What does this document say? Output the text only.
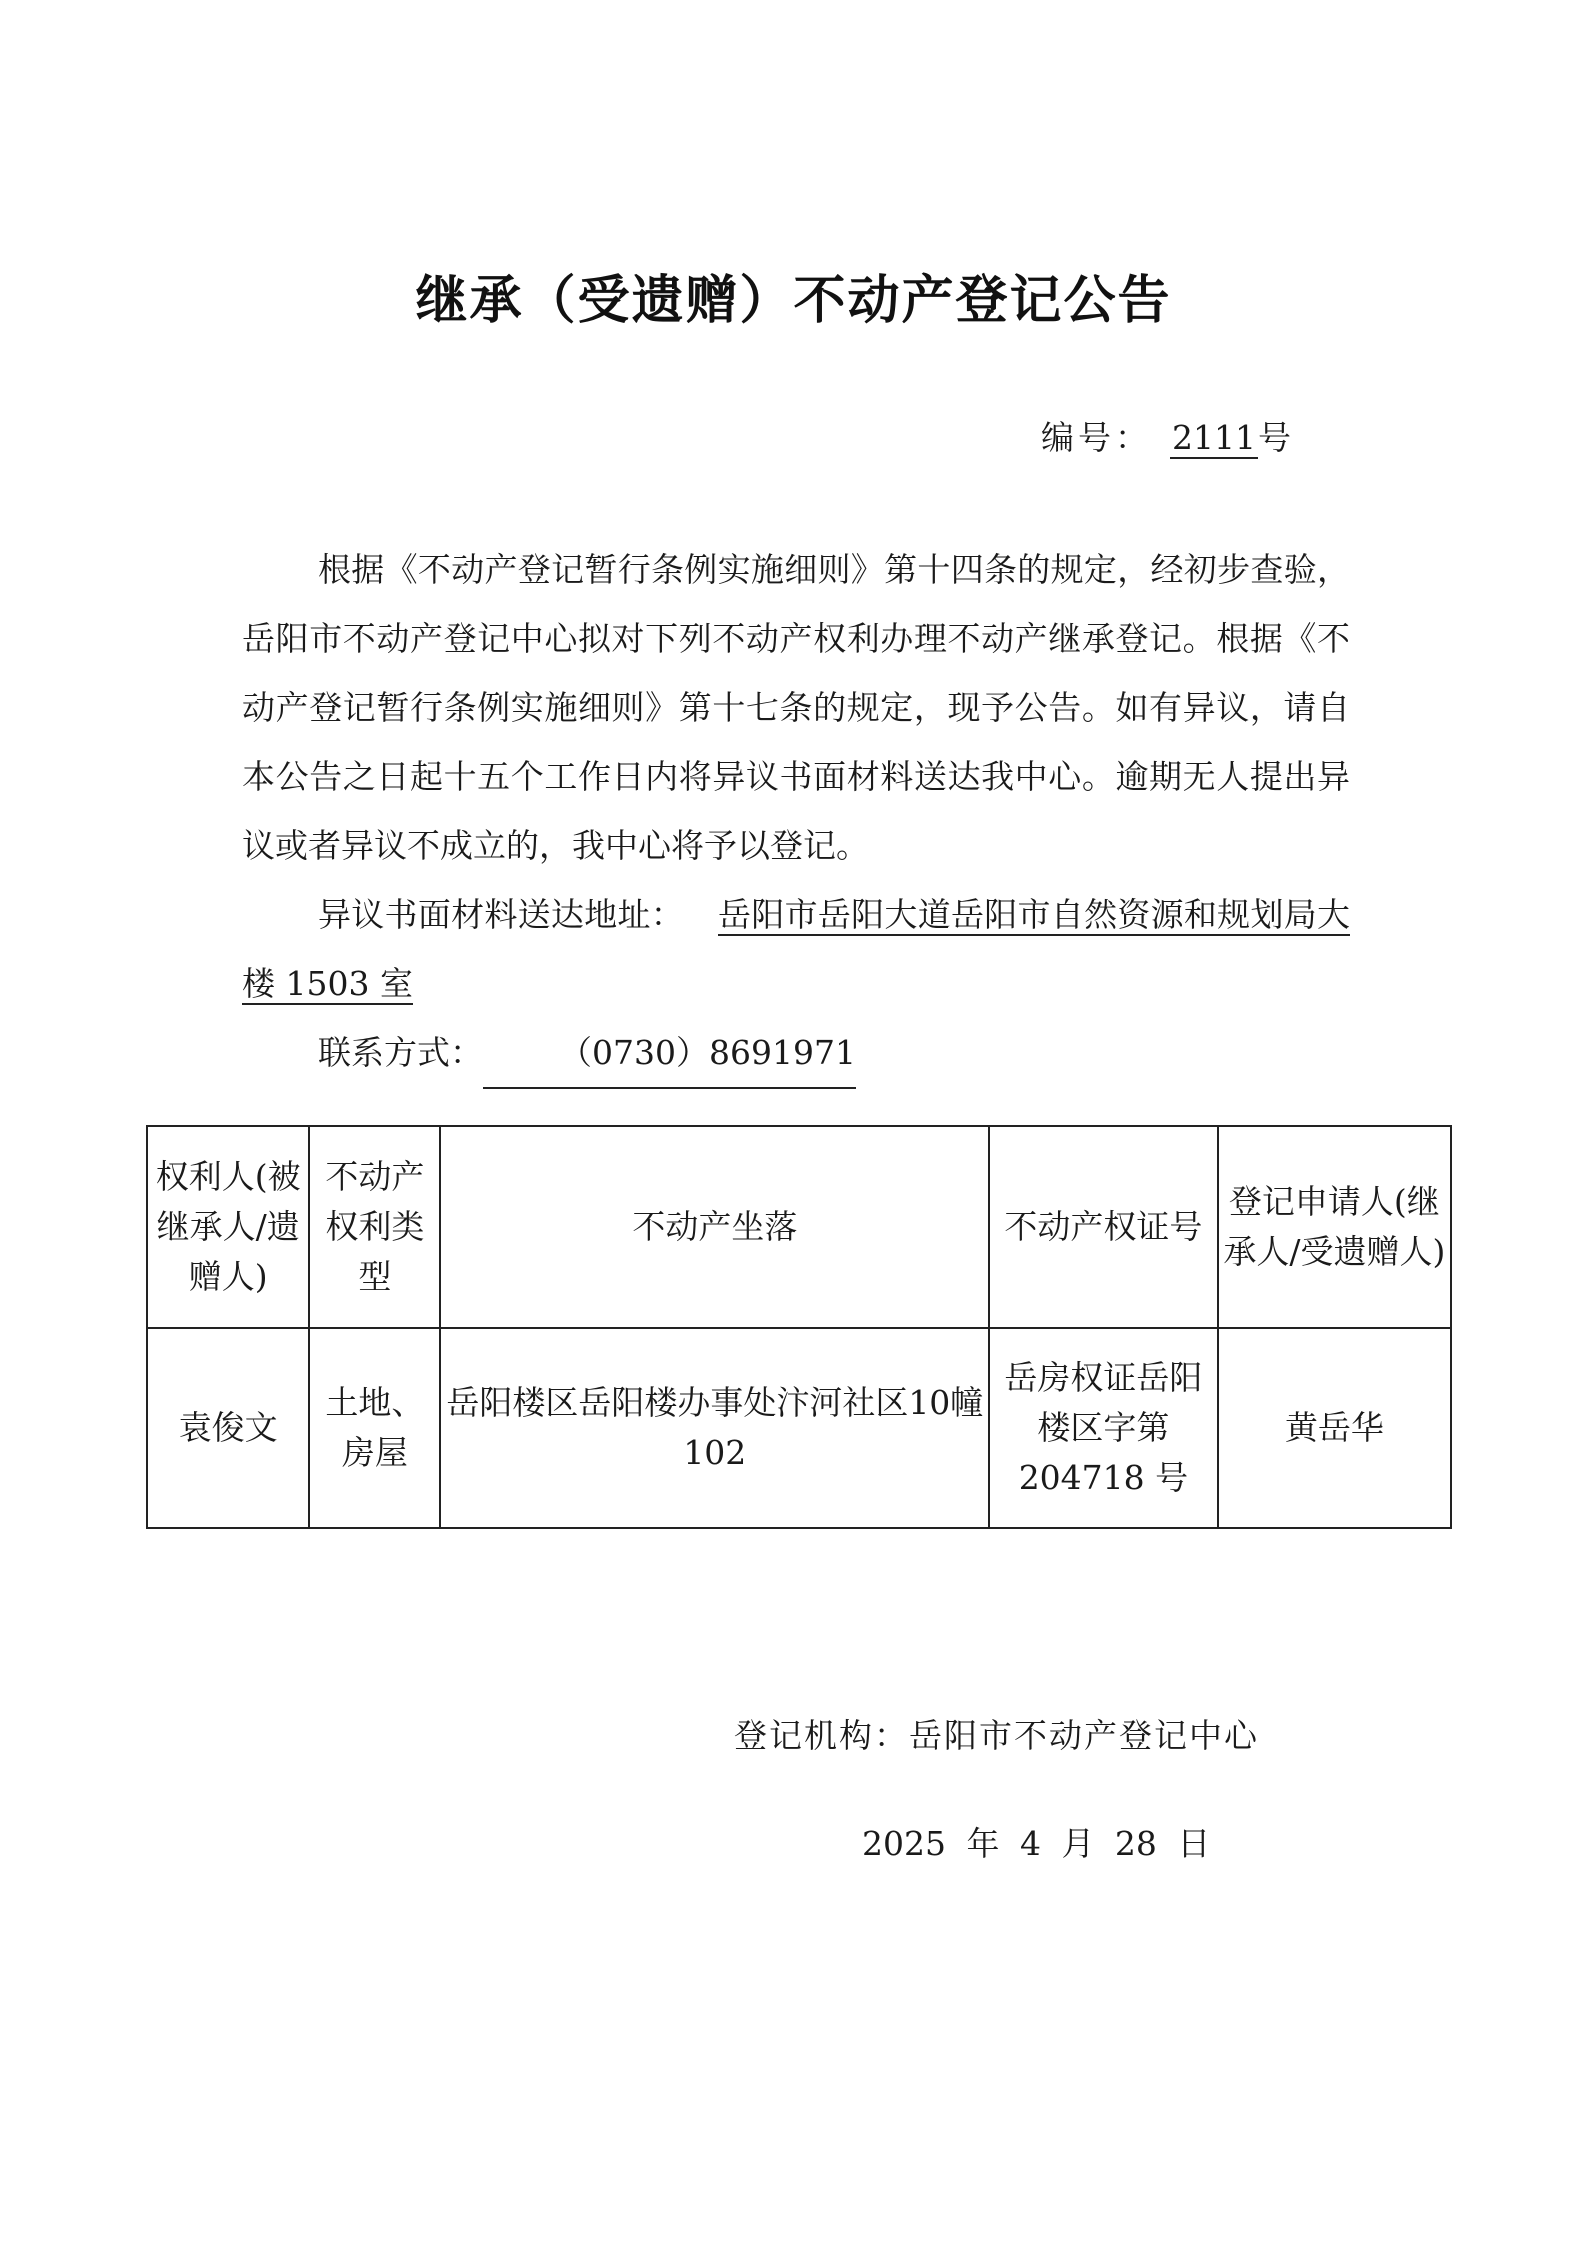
继承（受遗赠）不动产登记公告
编号： 2111号

根据《不动产登记暂行条例实施细则》第十四条的规定，经初步查验，岳阳市不动产登记中心拟对下列不动产权利办理不动产继承登记。根据《不动产登记暂行条例实施细则》第十七条的规定，现予公告。如有异议，请自本公告之日起十五个工作日内将异议书面材料送达我中心。逾期无人提出异议或者异议不成立的，我中心将予以登记。

异议书面材料送达地址： 岳阳市岳阳大道岳阳市自然资源和规划局大楼 1503 室

联系方式： （0730）8691971

权利人(被继承人/遗赠人)	不动产权利类型	不动产坐落	不动产权证号	登记申请人(继承人/受遗赠人)
袁俊文	土地、房屋	岳阳楼区岳阳楼办事处汴河社区10幢102	岳房权证岳阳楼区字第 204718 号	黄岳华
登记机构：岳阳市不动产登记中心
2025 年 4 月 28 日
